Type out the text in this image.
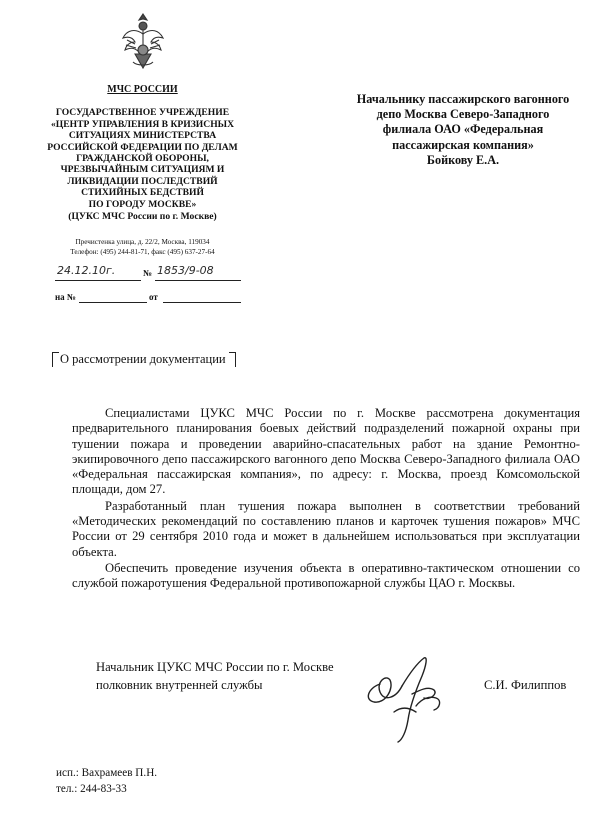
МЧС РОССИИ
ГОСУДАРСТВЕННОЕ УЧРЕЖДЕНИЕ
«ЦЕНТР УПРАВЛЕНИЯ В КРИЗИСНЫХ
СИТУАЦИЯХ МИНИСТЕРСТВА
РОССИЙСКОЙ ФЕДЕРАЦИИ ПО ДЕЛАМ
ГРАЖДАНСКОЙ ОБОРОНЫ,
ЧРЕЗВЫЧАЙНЫМ СИТУАЦИЯМ И
ЛИКВИДАЦИИ ПОСЛЕДСТВИЙ
СТИХИЙНЫХ БЕДСТВИЙ
ПО ГОРОДУ МОСКВЕ»
(ЦУКС МЧС России по г. Москве)
Пречистенка улица, д. 22/2, Москва, 119034
Телефон: (495) 244-81-71, факс (495) 637-27-64
24.12.10г.	№ 1853/9-08
на №	от
Начальнику пассажирского вагонного
депо Москва Северо-Западного
филиала ОАО «Федеральная
пассажирская компания»
Бойкову Е.А.
О рассмотрении документации

Специалистами ЦУКС МЧС России по г. Москве рассмотрена документация предварительного планирования боевых действий подразделений пожарной охраны при тушении пожара и проведении аварийно-спасательных работ на здание Ремонтно-экипировочного депо пассажирского вагонного депо Москва Северо-Западного филиала ОАО «Федеральная пассажирская компания», по адресу: г. Москва, проезд Комсомольской площади, дом 27.

Разработанный план тушения пожара выполнен в соответствии требований «Методических рекомендаций по составлению планов и карточек тушения пожаров» МЧС России от 29 сентября 2010 года и может в дальнейшем использоваться при эксплуатации объекта.

Обеспечить проведение изучения объекта в оперативно-тактическом отношении со службой пожаротушения Федеральной противопожарной службы ЦАО г. Москвы.

Начальник ЦУКС МЧС России по г. Москве
полковник внутренней службы	С.И. Филиппов
исп.: Вахрамеев П.Н.
тел.: 244-83-33
